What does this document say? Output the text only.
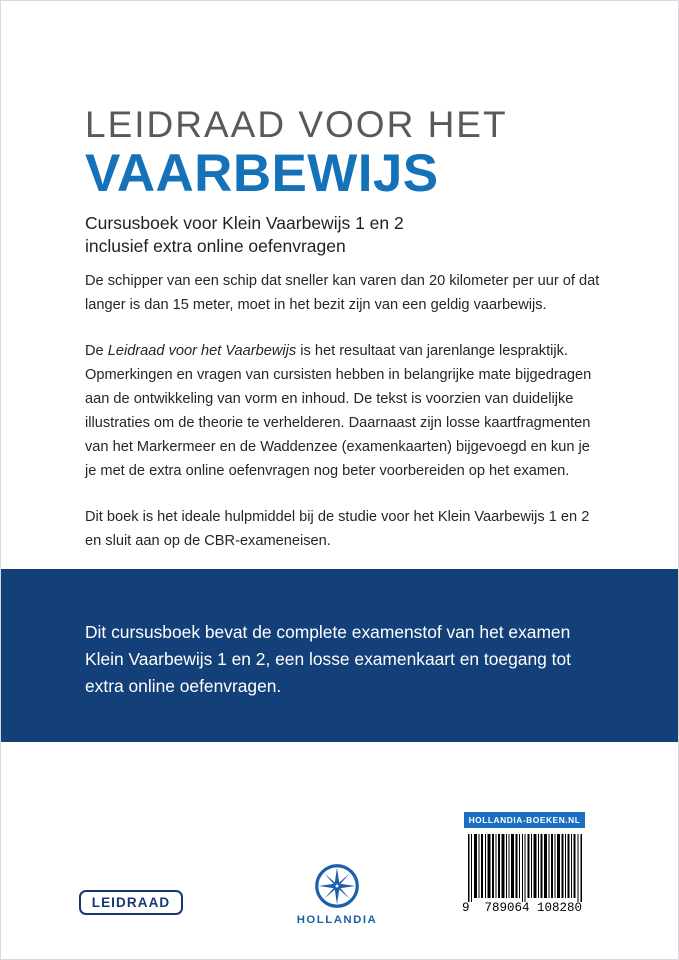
LEIDRAAD VOOR HET
VAARBEWIJS
Cursusboek voor Klein Vaarbewijs 1 en 2
inclusief extra online oefenvragen

De schipper van een schip dat sneller kan varen dan 20 kilometer per uur of dat langer is dan 15 meter, moet in het bezit zijn van een geldig vaarbewijs.

De Leidraad voor het Vaarbewijs is het resultaat van jarenlange lespraktijk. Opmerkingen en vragen van cursisten hebben in belangrijke mate bijgedragen aan de ontwikkeling van vorm en inhoud. De tekst is voorzien van duidelijke illustraties om de theorie te verhelderen. Daarnaast zijn losse kaartfragmenten van het Markermeer en de Waddenzee (examenkaarten) bijgevoegd en kun je je met de extra online oefenvragen nog beter voorbereiden op het examen.

Dit boek is het ideale hulpmiddel bij de studie voor het Klein Vaarbewijs 1 en 2 en sluit aan op de CBR-exameneisen.

Dit cursusboek bevat de complete examenstof van het examen
Klein Vaarbewijs 1 en 2, een losse examenkaart en toegang tot
extra online oefenvragen.
LEIDRAAD
HOLLANDIA
HOLLANDIA-BOEKEN.NL
9  789064 108280
